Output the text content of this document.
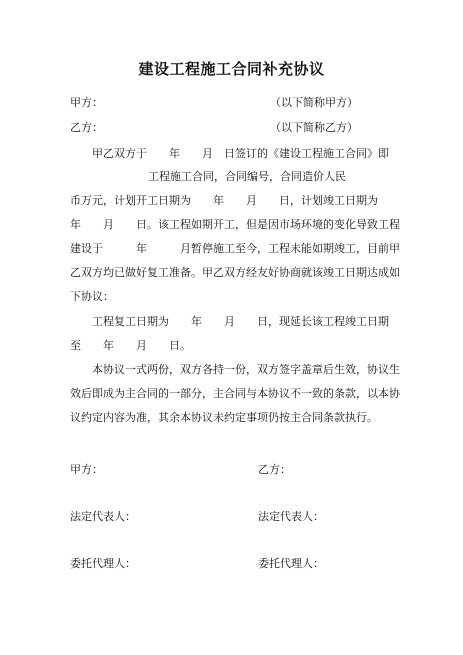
建设工程施工合同补充协议
甲方：	（以下简称甲方）
乙方：	（以下简称乙方）
甲乙双方于　　年　　月　日签订的《建设工程施工合同》即
工程施工合同，合同编号，合同造价人民
币万元，计划开工日期为　　年　　月　　日，计划竣工日期为
年　　月　　日。该工程如期开工，但是因市场环境的变化导致工程
建设于　　　年　　　月暂停施工至今，工程未能如期竣工，目前甲
乙双方均已做好复工准备。甲乙双方经友好协商就该竣工日期达成如
下协议：
工程复工日期为　　年　　月　　日，现延长该工程竣工日期
至　　年　　月　　日。
本协议一式两份，双方各持一份，双方签字盖章后生效，协议生
效后即成为主合同的一部分，主合同与本协议不一致的条款，以本协
议约定内容为准，其余本协议未约定事项仍按主合同条款执行。
甲方：	乙方：
法定代表人：	法定代表人：
委托代理人：	委托代理人：
